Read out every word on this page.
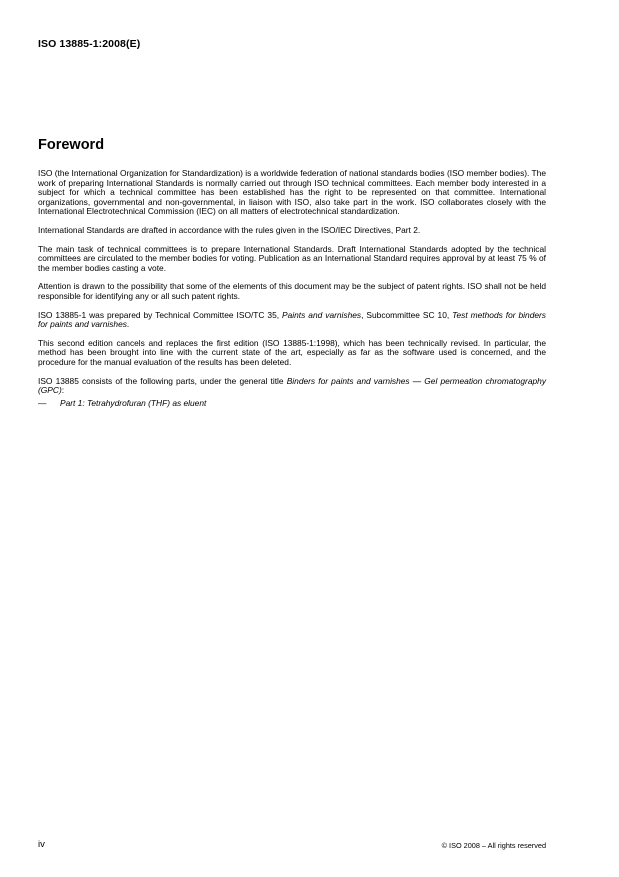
ISO 13885-1:2008(E)
Foreword

ISO (the International Organization for Standardization) is a worldwide federation of national standards bodies (ISO member bodies). The work of preparing International Standards is normally carried out through ISO technical committees. Each member body interested in a subject for which a technical committee has been established has the right to be represented on that committee. International organizations, governmental and non-governmental, in liaison with ISO, also take part in the work. ISO collaborates closely with the International Electrotechnical Commission (IEC) on all matters of electrotechnical standardization.

International Standards are drafted in accordance with the rules given in the ISO/IEC Directives, Part 2.

The main task of technical committees is to prepare International Standards. Draft International Standards adopted by the technical committees are circulated to the member bodies for voting. Publication as an International Standard requires approval by at least 75 % of the member bodies casting a vote.

Attention is drawn to the possibility that some of the elements of this document may be the subject of patent rights. ISO shall not be held responsible for identifying any or all such patent rights.

ISO 13885-1 was prepared by Technical Committee ISO/TC 35, Paints and varnishes, Subcommittee SC 10, Test methods for binders for paints and varnishes.

This second edition cancels and replaces the first edition (ISO 13885-1:1998), which has been technically revised. In particular, the method has been brought into line with the current state of the art, especially as far as the software used is concerned, and the procedure for the manual evaluation of the results has been deleted.

ISO 13885 consists of the following parts, under the general title Binders for paints and varnishes — Gel permeation chromatography (GPC):

—	Part 1: Tetrahydrofuran (THF) as eluent
iv	© ISO 2008 – All rights reserved
